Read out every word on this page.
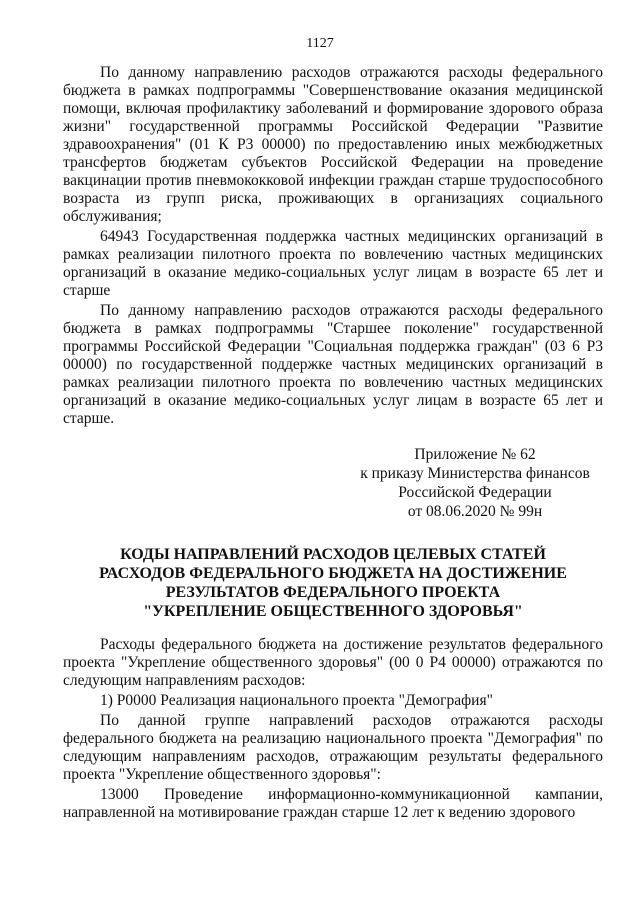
1127

По данному направлению расходов отражаются расходы федерального бюджета в рамках подпрограммы "Совершенствование оказания медицинской помощи, включая профилактику заболеваний и формирование здорового образа жизни" государственной программы Российской Федерации "Развитие здравоохранения" (01 К Р3 00000) по предоставлению иных межбюджетных трансфертов бюджетам субъектов Российской Федерации на проведение вакцинации против пневмококковой инфекции граждан старше трудоспособного возраста из групп риска, проживающих в организациях социального обслуживания;

64943 Государственная поддержка частных медицинских организаций в рамках реализации пилотного проекта по вовлечению частных медицинских организаций в оказание медико-социальных услуг лицам в возрасте 65 лет и старше

По данному направлению расходов отражаются расходы федерального бюджета в рамках подпрограммы "Старшее поколение" государственной программы Российской Федерации "Социальная поддержка граждан" (03 6 Р3 00000) по государственной поддержке частных медицинских организаций в рамках реализации пилотного проекта по вовлечению частных медицинских организаций в оказание медико-социальных услуг лицам в возрасте 65 лет и старше.

Приложение № 62
к приказу Министерства финансов
Российской Федерации
от 08.06.2020 № 99н
КОДЫ НАПРАВЛЕНИЙ РАСХОДОВ ЦЕЛЕВЫХ СТАТЕЙ
РАСХОДОВ ФЕДЕРАЛЬНОГО БЮДЖЕТА НА ДОСТИЖЕНИЕ
РЕЗУЛЬТАТОВ ФЕДЕРАЛЬНОГО ПРОЕКТА
"УКРЕПЛЕНИЕ ОБЩЕСТВЕННОГО ЗДОРОВЬЯ"

Расходы федерального бюджета на достижение результатов федерального проекта "Укрепление общественного здоровья" (00 0 Р4 00000) отражаются по следующим направлениям расходов:

1) Р0000 Реализация национального проекта "Демография"

По данной группе направлений расходов отражаются расходы федерального бюджета на реализацию национального проекта "Демография" по следующим направлениям расходов, отражающим результаты федерального проекта "Укрепление общественного здоровья":

13000 Проведение информационно-коммуникационной кампании, направленной на мотивирование граждан старше 12 лет к ведению здорового
